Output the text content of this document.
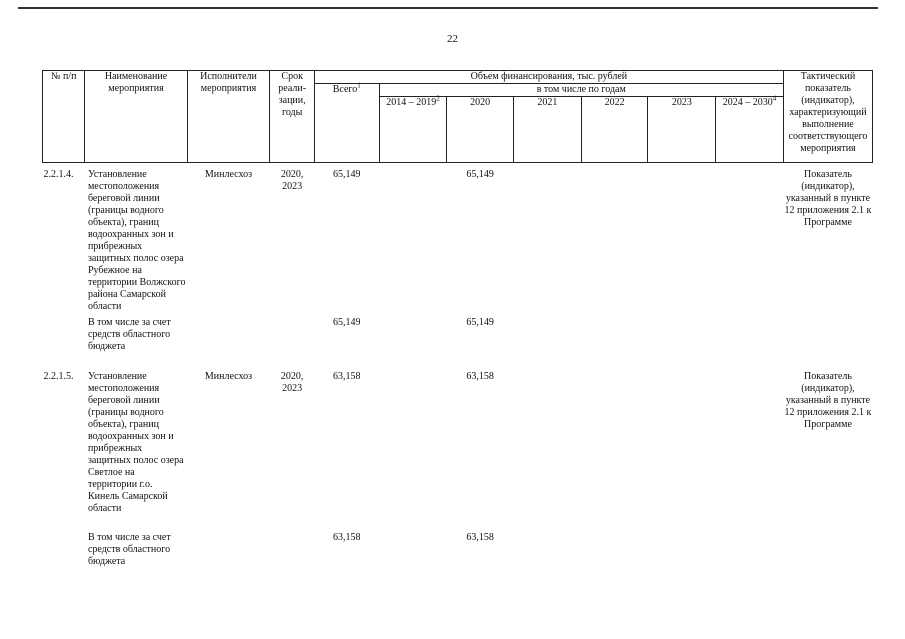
22
№ п/п	Наименование мероприятия	Исполнители мероприятия	Срок реали-зации, годы	Объем финансирования, тыс. рублей							Тактический показатель (индикатор), характеризующий выполнение соответствующего мероприятия
				Всего$^1$	в том числе по годам						
					2014 – 2019$^2$	2020	2021	2022	2023	2024 – 2030$^4$

2.2.1.4.	Установление местоположения береговой линии (границы водного объекта), границ водоохранных зон и прибрежных защитных полос озера Рубежное на территории Волжского района Самарской области	Минлесхоз	2020, 2023	65,149		65,149					Показатель (индикатор), указанный в пункте 12 приложения 2.1 к Программе
	В том числе за счет средств областного бюджета			65,149		65,149					
2.2.1.5.	Установление местоположения береговой линии (границы водного объекта), границ водоохранных зон и прибрежных защитных полос озера Светлое на территории г.о. Кинель Самарской области	Минлесхоз	2020, 2023	63,158		63,158					Показатель (индикатор), указанный в пункте 12 приложения 2.1 к Программе
	В том числе за счет средств областного бюджета			63,158		63,158					
